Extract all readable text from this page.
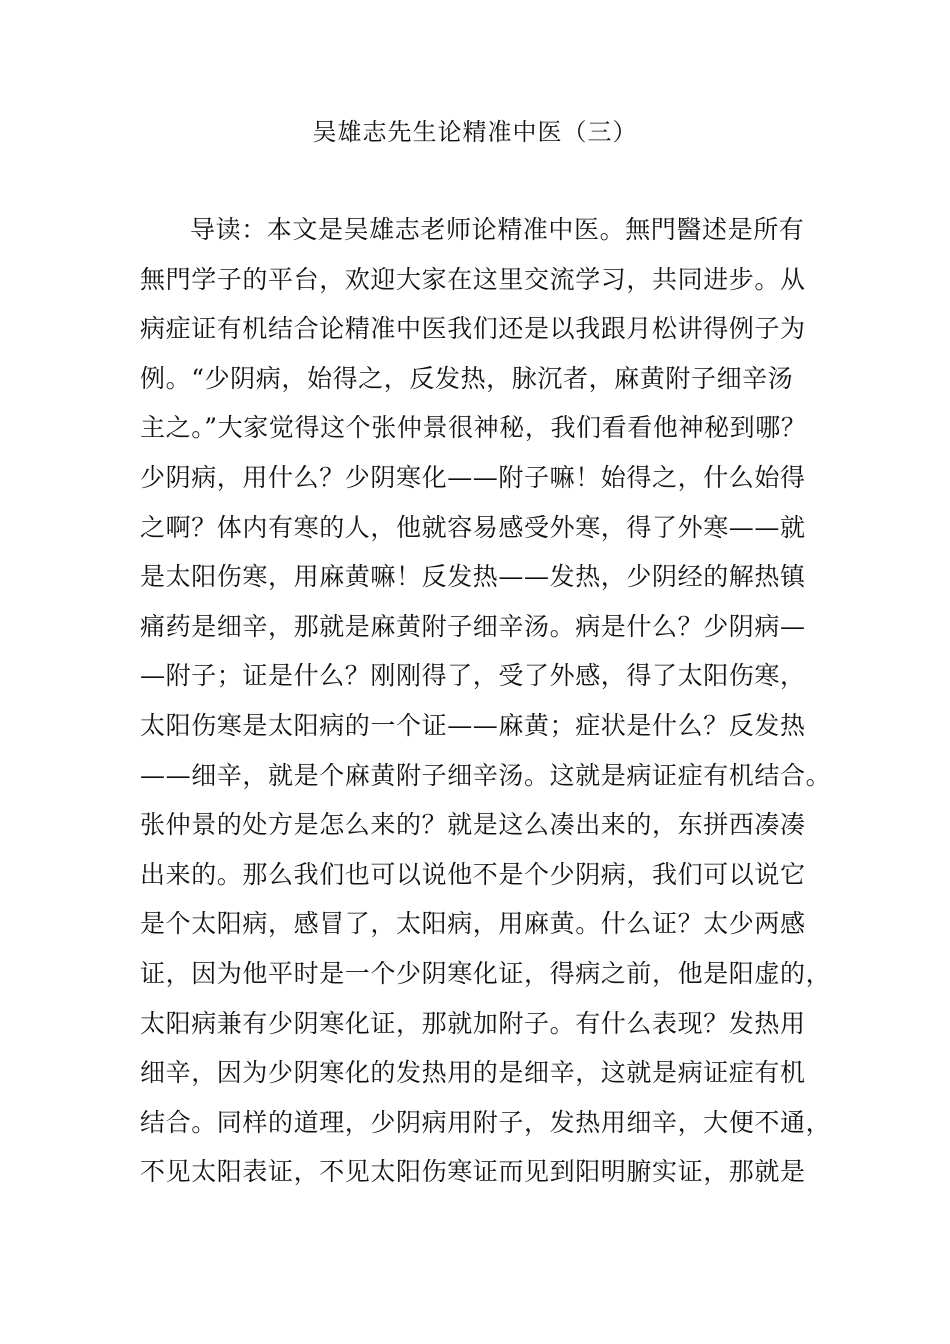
吴雄志先生论精准中医（三）
导读：本文是吴雄志老师论精准中医。無門醫述是所有
無門学子的平台，欢迎大家在这里交流学习，共同进步。从
病症证有机结合论精准中医我们还是以我跟月松讲得例子为
例。“少阴病，始得之，反发热，脉沉者，麻黄附子细辛汤
主之。”大家觉得这个张仲景很神秘，我们看看他神秘到哪？
少阴病，用什么？少阴寒化——附子嘛！始得之，什么始得
之啊？体内有寒的人，他就容易感受外寒，得了外寒——就
是太阳伤寒，用麻黄嘛！反发热——发热，少阴经的解热镇
痛药是细辛，那就是麻黄附子细辛汤。病是什么？少阴病—
—附子；证是什么？刚刚得了，受了外感，得了太阳伤寒，
太阳伤寒是太阳病的一个证——麻黄；症状是什么？反发热
——细辛，就是个麻黄附子细辛汤。这就是病证症有机结合。
张仲景的处方是怎么来的？就是这么凑出来的，东拼西凑凑
出来的。那么我们也可以说他不是个少阴病，我们可以说它
是个太阳病，感冒了，太阳病，用麻黄。什么证？太少两感
证，因为他平时是一个少阴寒化证，得病之前，他是阳虚的，
太阳病兼有少阴寒化证，那就加附子。有什么表现？发热用
细辛，因为少阴寒化的发热用的是细辛，这就是病证症有机
结合。同样的道理，少阴病用附子，发热用细辛，大便不通，
不见太阳表证，不见太阳伤寒证而见到阳明腑实证，那就是
